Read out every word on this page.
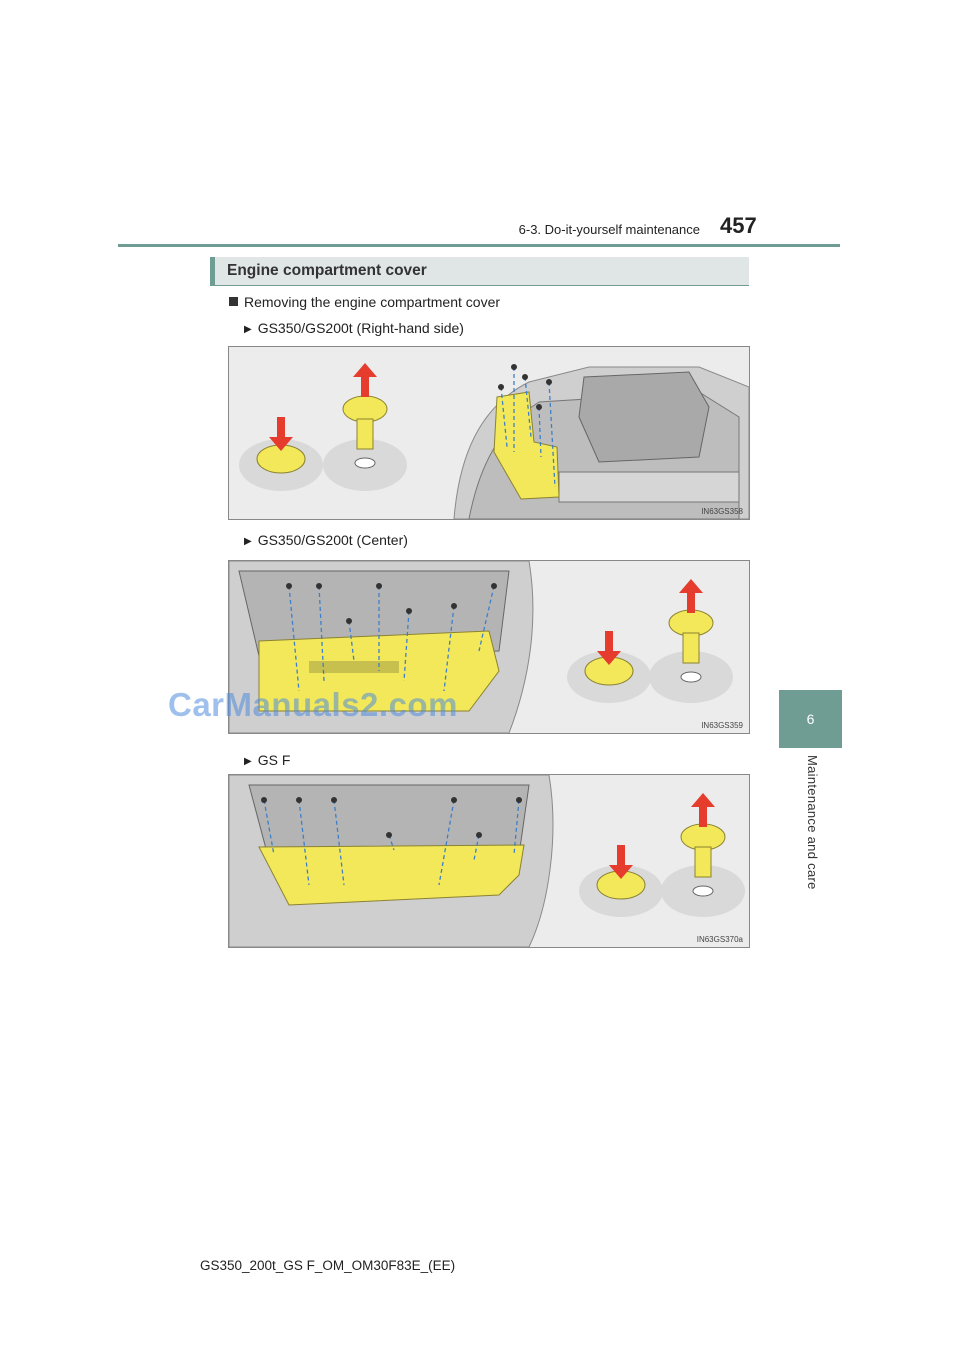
6-3. Do-it-yourself maintenance 457
6
Maintenance and care
Engine compartment cover
Removing the engine compartment cover
▶ GS350/GS200t (Right-hand side)
IN63GS358
▶ GS350/GS200t (Center)
IN63GS359
CarManuals2.com
▶ GS F
IN63GS370a
GS350_200t_GS F_OM_OM30F83E_(EE)
